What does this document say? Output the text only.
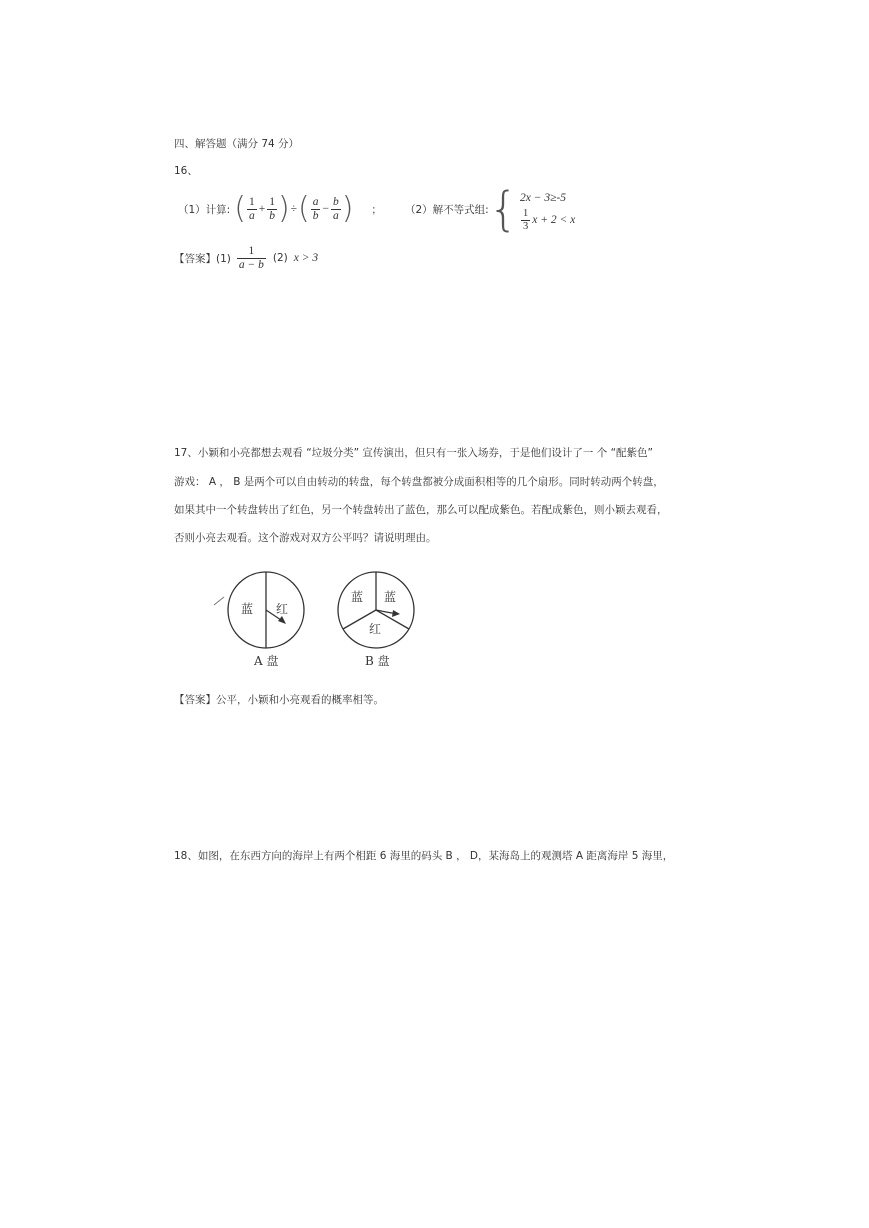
四、解答题（满分 74 分）
16、
（1）计算: ( $\frac{1}{a} + \frac{1}{b}$ ) ÷ ( $\frac{a}{b} - \frac{b}{a}$ ) ； （2）解不等式组: { 2x − 3≥-5
$\frac{1}{3}$ x + 2 < x
【答案】$(1) \frac{1}{a - b} (2) x > 3$
17、小颖和小亮都想去观看 “垃圾分类” 宣传演出，但只有一张入场券，于是他们设计了一 个 “配紫色”
游戏： A ， B 是两个可以自由转动的转盘，每个转盘都被分成面积相等的几个扇形。同时转动两个转盘，
如果其中一个转盘转出了红色，另一个转盘转出了蓝色，那么可以配成紫色。若配成紫色，则小颖去观看，
否则小亮去观看。这个游戏对双方公平吗？请说明理由。
蓝 红
A 盘
蓝 蓝
红
B 盘
【答案】公平，小颖和小亮观看的概率相等。
18、如图，在东西方向的海岸上有两个相距 6 海里的码头 B ， D，某海岛上的观测塔 A 距离海岸 5 海里，
